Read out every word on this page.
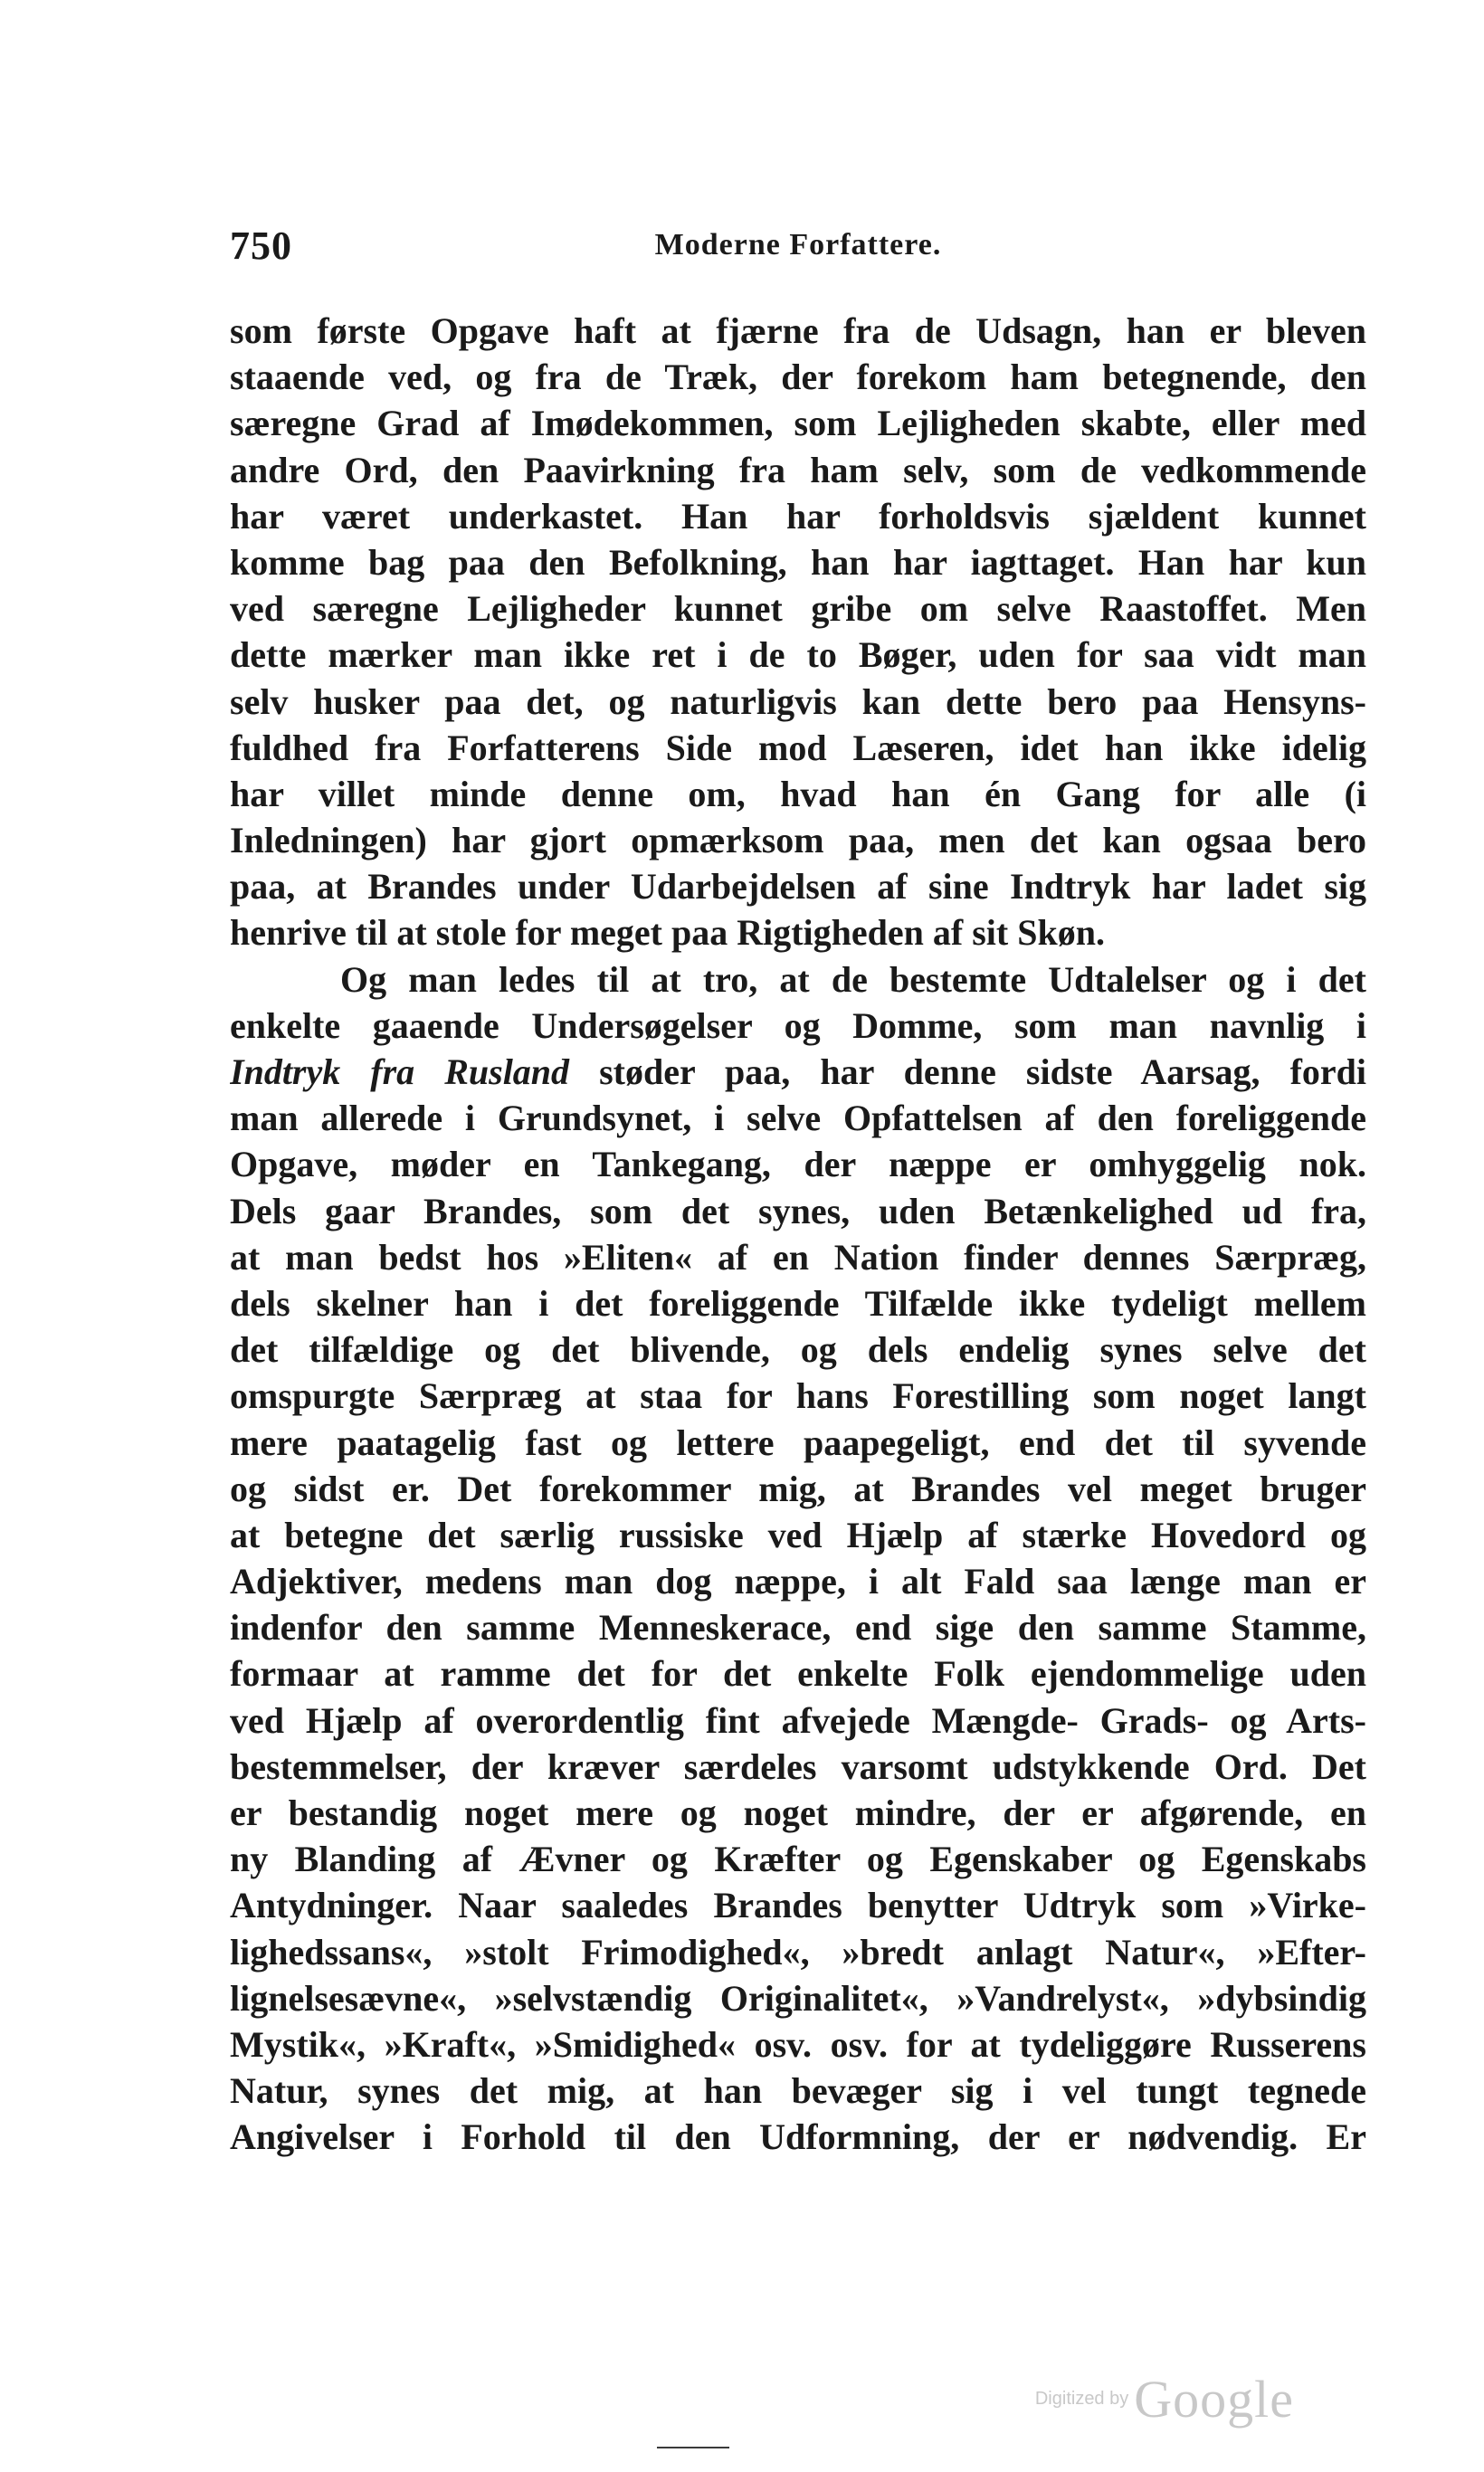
750	Moderne Forfattere.
som første Opgave haft at fjærne fra de Udsagn, han er bleven
staaende ved, og fra de Træk, der forekom ham betegnende, den
særegne Grad af Imødekommen, som Lejligheden skabte, eller med
andre Ord, den Paavirkning fra ham selv, som de vedkommende
har været underkastet. Han har forholdsvis sjældent kunnet
komme bag paa den Befolkning, han har iagttaget. Han har kun
ved særegne Lejligheder kunnet gribe om selve Raastoffet. Men
dette mærker man ikke ret i de to Bøger, uden for saa vidt man
selv husker paa det, og naturligvis kan dette bero paa Hensyns-
fuldhed fra Forfatterens Side mod Læseren, idet han ikke idelig
har villet minde denne om, hvad han én Gang for alle (i
Inledningen) har gjort opmærksom paa, men det kan ogsaa bero
paa, at Brandes under Udarbejdelsen af sine Indtryk har ladet sig
henrive til at stole for meget paa Rigtigheden af sit Skøn.
Og man ledes til at tro, at de bestemte Udtalelser og i det
enkelte gaaende Undersøgelser og Domme, som man navnlig i
Indtryk fra Rusland støder paa, har denne sidste Aarsag, fordi
man allerede i Grundsynet, i selve Opfattelsen af den foreliggende
Opgave, møder en Tankegang, der næppe er omhyggelig nok.
Dels gaar Brandes, som det synes, uden Betænkelighed ud fra,
at man bedst hos »Eliten« af en Nation finder dennes Særpræg,
dels skelner han i det foreliggende Tilfælde ikke tydeligt mellem
det tilfældige og det blivende, og dels endelig synes selve det
omspurgte Særpræg at staa for hans Forestilling som noget langt
mere paatagelig fast og lettere paapegeligt, end det til syvende
og sidst er. Det forekommer mig, at Brandes vel meget bruger
at betegne det særlig russiske ved Hjælp af stærke Hovedord og
Adjektiver, medens man dog næppe, i alt Fald saa længe man er
indenfor den samme Menneskerace, end sige den samme Stamme,
formaar at ramme det for det enkelte Folk ejendommelige uden
ved Hjælp af overordentlig fint afvejede Mængde- Grads- og Arts-
bestemmelser, der kræver særdeles varsomt udstykkende Ord. Det
er bestandig noget mere og noget mindre, der er afgørende, en
ny Blanding af Ævner og Kræfter og Egenskaber og Egenskabs
Antydninger. Naar saaledes Brandes benytter Udtryk som »Virke-
lighedssans«, »stolt Frimodighed«, »bredt anlagt Natur«, »Efter-
lignelsesævne«, »selvstændig Originalitet«, »Vandrelyst«, »dybsindig
Mystik«, »Kraft«, »Smidighed« osv. osv. for at tydeliggøre Russerens
Natur, synes det mig, at han bevæger sig i vel tungt tegnede
Angivelser i Forhold til den Udformning, der er nødvendig. Er
Digitized by Google
